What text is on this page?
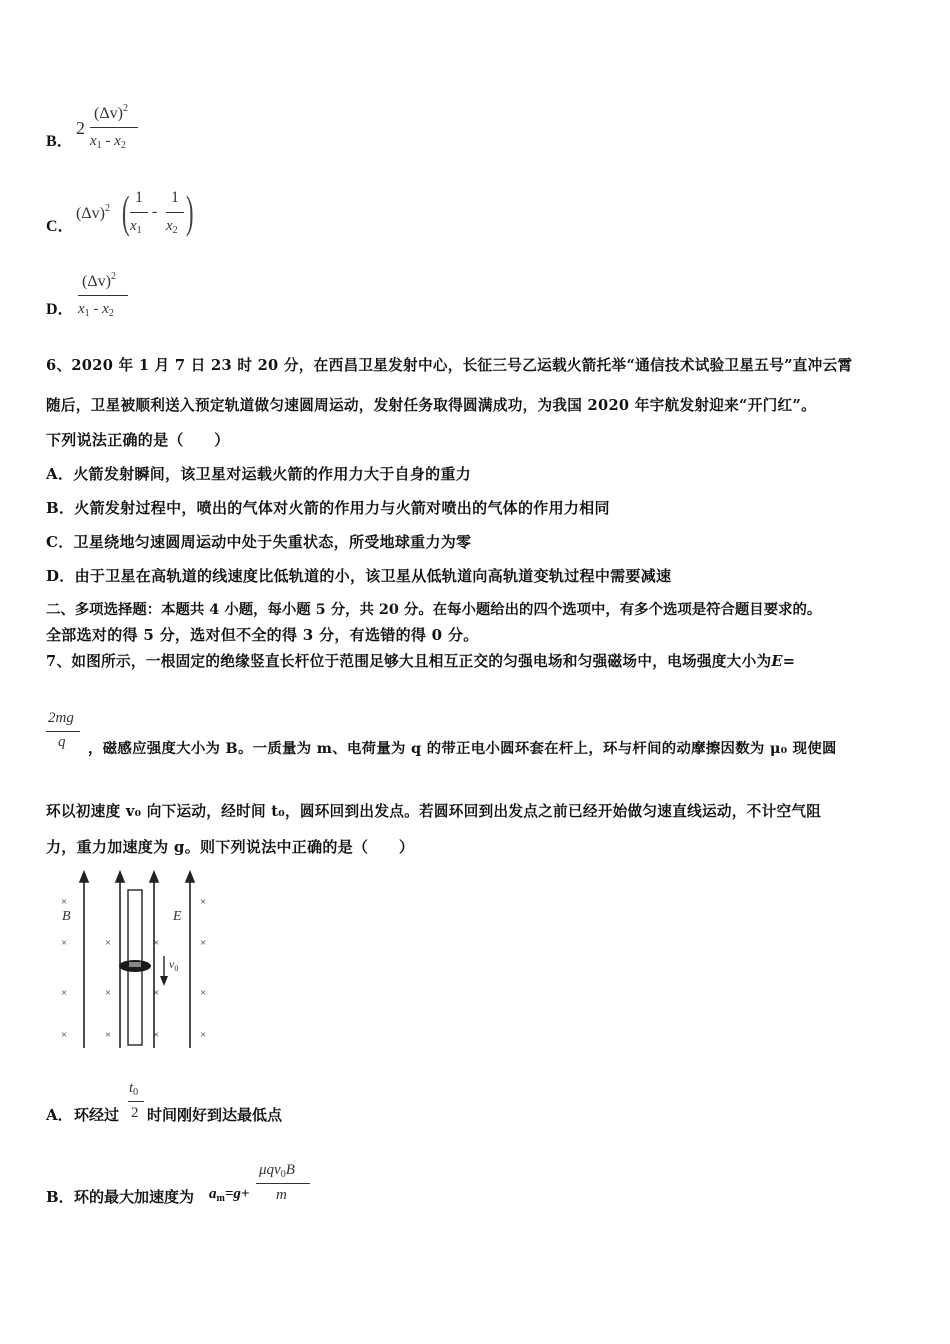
B．
2
$(\Delta v)^2$
$x_1 - x_2$
C．
$(\Delta v)^2$ ( 1
$x_1$
-
1
$x_2$ )
D．
$(\Delta v)^2$
$x_1 - x_2$
6、2020 年 1 月 7 日 23 时 20 分，在西昌卫星发射中心，长征三号乙运载火箭托举“通信技术试验卫星五号”直冲云霄
随后，卫星被顺利送入预定轨道做匀速圆周运动，发射任务取得圆满成功，为我国 2020 年宇航发射迎来“开门红”。
下列说法正确的是（　　）
A．火箭发射瞬间，该卫星对运载火箭的作用力大于自身的重力
B．火箭发射过程中，喷出的气体对火箭的作用力与火箭对喷出的气体的作用力相同
C．卫星绕地匀速圆周运动中处于失重状态，所受地球重力为零
D．由于卫星在高轨道的线速度比低轨道的小，该卫星从低轨道向高轨道变轨过程中需要减速
二、多项选择题：本题共 4 小题，每小题 5 分，共 20 分。在每小题给出的四个选项中，有多个选项是符合题目要求的。
全部选对的得 5 分，选对但不全的得 3 分，有选错的得 0 分。
7、如图所示，一根固定的绝缘竖直长杆位于范围足够大且相互正交的匀强电场和匀强磁场中，电场强度大小为E=
2mg
q ，磁感应强度大小为 B。一质量为 m、电荷量为 q 的带正电小圆环套在杆上，环与杆间的动摩擦因数为 μ₀ 现使圆
环以初速度 v₀ 向下运动，经时间 t₀，圆环回到出发点。若圆环回到出发点之前已经开始做匀速直线运动，不计空气阻
力，重力加速度为 g。则下列说法中正确的是（　　）
×
×
×
×
×
×
×
×
×
×
×
×
×
×
B	E
$v_0$
A． 环经过
$t_0$
2 时间刚好到达最低点
B． 环的最大加速度为 $a_m=g+$
μqv$_0$B
m
